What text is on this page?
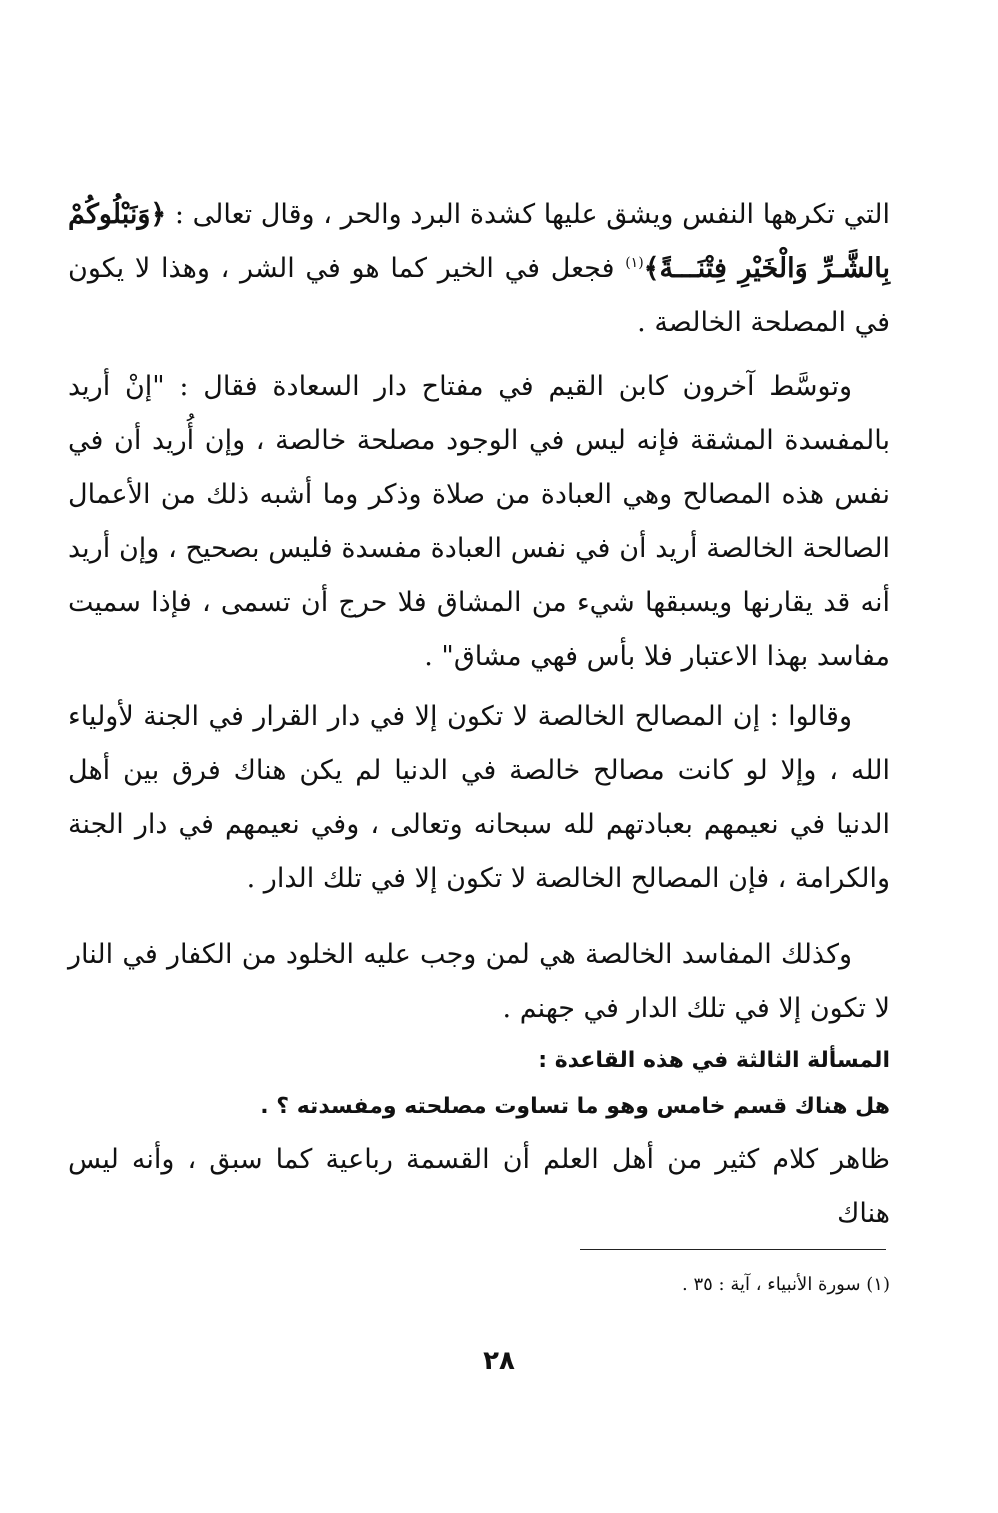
التي تكرهها النفس ويشق عليها كشدة البرد والحر ، وقال تعالى : ﴿وَنَبْلُوكُمْ بِالشَّـرِّ وَالْخَيْرِ فِتْنَـــةً﴾$^{(١)}$ فجعل في الخير كما هو في الشر ، وهذا لا يكون في المصلحة الخالصة .

وتوسَّط آخرون كابن القيم في مفتاح دار السعادة فقال : "إنْ أريد بالمفسدة المشقة فإنه ليس في الوجود مصلحة خالصة ، وإن أُريد أن في نفس هذه المصالح وهي العبادة من صلاة وذكر وما أشبه ذلك من الأعمال الصالحة الخالصة أريد أن في نفس العبادة مفسدة فليس بصحيح ، وإن أريد أنه قد يقارنها ويسبقها شيء من المشاق فلا حرج أن تسمى ، فإذا سميت مفاسد بهذا الاعتبار فلا بأس فهي مشاق" .

وقالوا : إن المصالح الخالصة لا تكون إلا في دار القرار في الجنة لأولياء الله ، وإلا لو كانت مصالح خالصة في الدنيا لم يكن هناك فرق بين أهل الدنيا في نعيمهم بعبادتهم لله سبحانه وتعالى ، وفي نعيمهم في دار الجنة والكرامة ، فإن المصالح الخالصة لا تكون إلا في تلك الدار .

وكذلك المفاسد الخالصة هي لمن وجب عليه الخلود من الكفار في النار لا تكون إلا في تلك الدار في جهنم .

المسألة الثالثة في هذه القاعدة :
هل هناك قسم خامس وهو ما تساوت مصلحته ومفسدته ؟ .

ظاهر كلام كثير من أهل العلم أن القسمة رباعية كما سبق ، وأنه ليس هناك

(١) سورة الأنبياء ، آية : ٣٥ .
٢٨
